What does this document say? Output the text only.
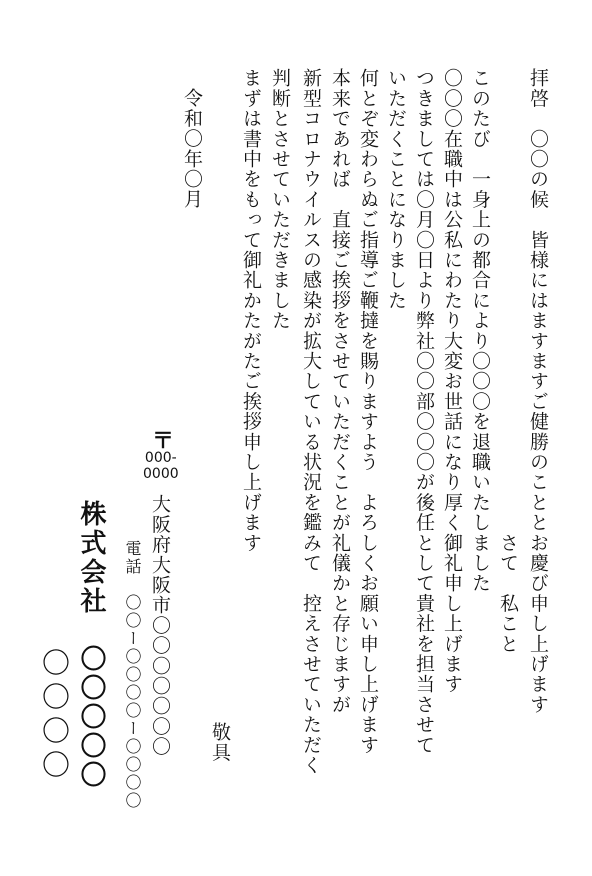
拝啓　〇〇の候　皆様にはますますご健勝のこととお慶び申し上げます
　　　　　　　　　　　　　　　　　　　　　　　さて　私こと
このたび　一身上の都合により〇〇〇を退職いたしました
〇〇〇在職中は公私にわたり大変お世話になり厚く御礼申し上げます
つきましては〇月〇日より弊社〇〇部〇〇〇が後任として貴社を担当させて
いただくことになりました
何とぞ変わらぬご指導ご鞭撻を賜りますよう　よろしくお願い申し上げます
本来であれば　直接ご挨拶をさせていただくことが礼儀かと存じますが
新型コロナウイルスの感染が拡大している状況を鑑みて　控えさせていただく
判断とさせていただきました
まずは書中をもって御礼かたがたご挨拶申し上げます
敬具
令和〇年〇月
〒
000-
0000
大阪府大阪市〇〇〇〇〇〇〇
電話　〇〇ー〇〇〇〇ー〇〇〇〇
株式会社　〇〇〇〇〇
〇〇〇〇
